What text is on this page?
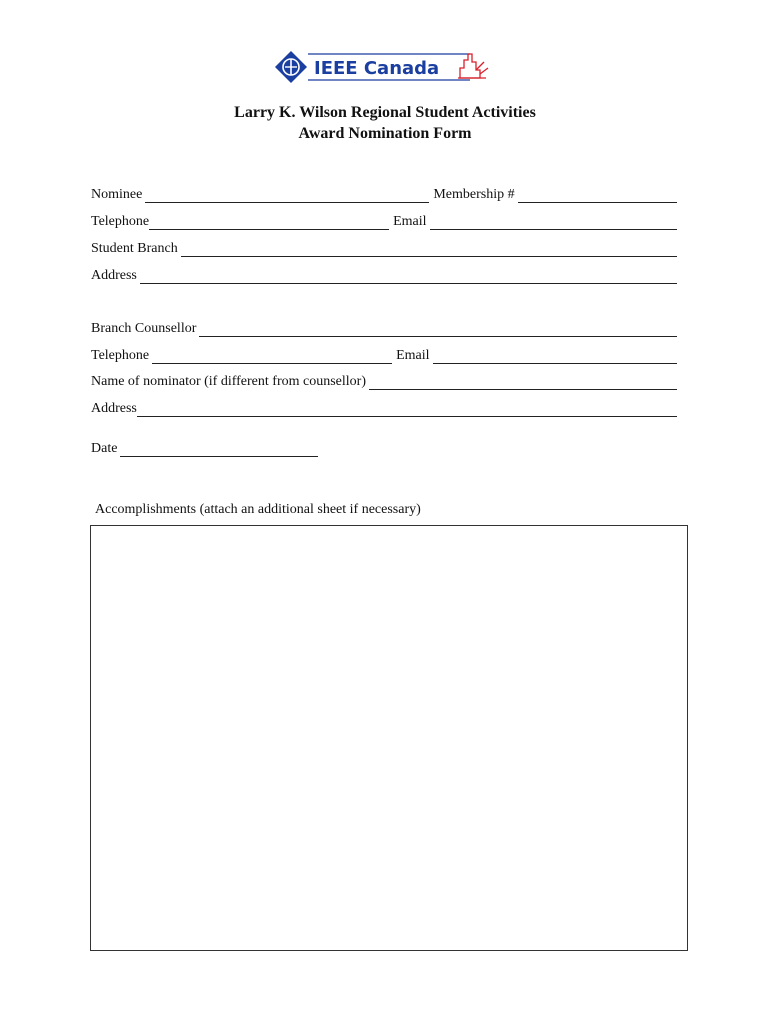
IEEE Canada
Larry K. Wilson Regional Student Activities
Award Nomination Form
Nominee	Membership #
Telephone	Email
Student Branch
Address
Branch Counsellor
Telephone	Email
Name of nominator (if different from counsellor)
Address
Date
Accomplishments (attach an additional sheet if necessary)
